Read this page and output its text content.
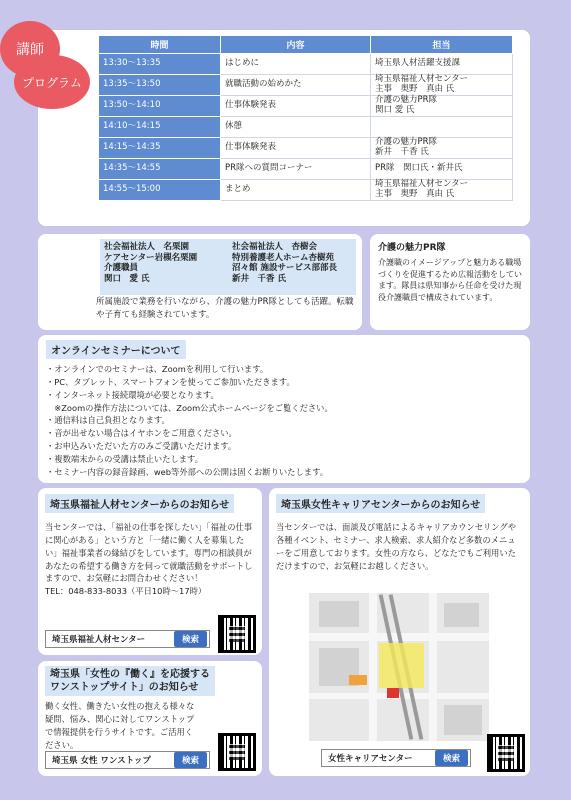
時間	内容	担当
13:30～13:35	はじめに	埼玉県人材活躍支援課
13:35～13:50	就職活動の始めかた	埼玉県福祉人材センター
主事　奥野　真由 氏
13:50～14:10	仕事体験発表	介護の魅力PR隊
関口 愛 氏
14:10～14:15	休憩	
14:15～14:35	仕事体験発表	介護の魅力PR隊
新井　千香 氏
14:35～14:55	PR隊への質問コーナー	PR隊　関口氏・新井氏
14:55～15:00	まとめ	埼玉県福祉人材センター
主事　奥野　真由 氏
プログラム
社会福祉法人　名栗園
ケアセンター岩槻名栗園
介護職員
関口　愛 氏
社会福祉法人　杏樹会
特別養護老人ホーム杏樹苑
沼々館 施設サービス部部長
新井　千香 氏
所属施設で業務を行いながら、介護の魅力PR隊としても活躍。転職や子育ても経験されています。
講師
介護の魅力PR隊
介護職のイメージアップと魅力ある職場づくりを促進するため広報活動をしています。隊員は県知事から任命を受けた現役介護職員で構成されています。
オンラインセミナーについて
・オンラインでのセミナーは、Zoomを利用して行います。
・PC、タブレット、スマートフォンを使ってご参加いただきます。
・インターネット接続環境が必要となります。
　※Zoomの操作方法については、Zoom公式ホームページをご覧ください。
・通信料は自己負担となります。
・音が出せない場合はイヤホンをご用意ください。
・お申込みいただいた方のみご受講いただけます。
・複数端末からの受講は禁止いたします。
・セミナー内容の録音録画、web等外部への公開は固くお断りいたします。
埼玉県福祉人材センターからのお知らせ
当センターでは、「福祉の仕事を探したい」「福祉の仕事に関心がある」という方と「一緒に働く人を募集したい」福祉事業者の縁結びをしています。専門の相談員があなたの希望する働き方を伺って就職活動をサポートしますので、お気軽にお問合わせください！
TEL：048-833-8033（平日10時～17時）
埼玉県福祉人材センター	検索
埼玉県女性キャリアセンターからのお知らせ
当センターでは、面談及び電話によるキャリアカウンセリングや各種イベント、セミナー、求人検索、求人紹介など多数のメニューをご用意しております。女性の方なら、どなたでもご利用いただけますので、お気軽にお越しください。
女性キャリアセンター	検索
埼玉県「女性の『働く』を応援する
ワンストップサイト」のお知らせ
働く女性、働きたい女性の抱える様々な疑問、悩み、関心に対してワンストップで情報提供を行うサイトです。ご活用ください。
埼玉県 女性 ワンストップ	検索
